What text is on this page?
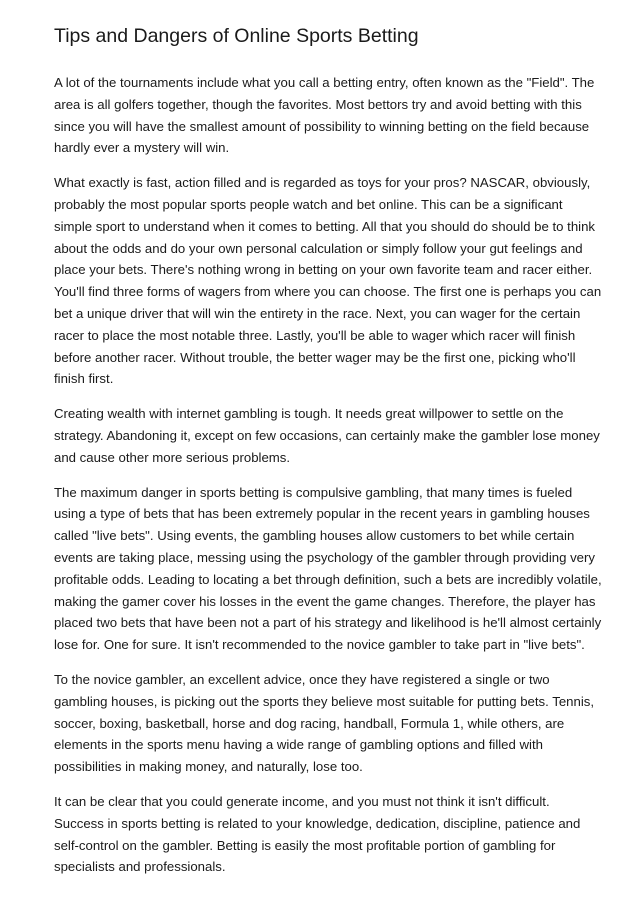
Tips and Dangers of Online Sports Betting

A lot of the tournaments include what you call a betting entry, often known as the "Field". The area is all golfers together, though the favorites. Most bettors try and avoid betting with this since you will have the smallest amount of possibility to winning betting on the field because hardly ever a mystery will win.

What exactly is fast, action filled and is regarded as toys for your pros? NASCAR, obviously, probably the most popular sports people watch and bet online. This can be a significant simple sport to understand when it comes to betting. All that you should do should be to think about the odds and do your own personal calculation or simply follow your gut feelings and place your bets. There's nothing wrong in betting on your own favorite team and racer either. You'll find three forms of wagers from where you can choose. The first one is perhaps you can bet a unique driver that will win the entirety in the race. Next, you can wager for the certain racer to place the most notable three. Lastly, you'll be able to wager which racer will finish before another racer. Without trouble, the better wager may be the first one, picking who'll finish first.

Creating wealth with internet gambling is tough. It needs great willpower to settle on the strategy. Abandoning it, except on few occasions, can certainly make the gambler lose money and cause other more serious problems.

The maximum danger in sports betting is compulsive gambling, that many times is fueled using a type of bets that has been extremely popular in the recent years in gambling houses called "live bets". Using events, the gambling houses allow customers to bet while certain events are taking place, messing using the psychology of the gambler through providing very profitable odds. Leading to locating a bet through definition, such a bets are incredibly volatile, making the gamer cover his losses in the event the game changes. Therefore, the player has placed two bets that have been not a part of his strategy and likelihood is he'll almost certainly lose for. One for sure. It isn't recommended to the novice gambler to take part in "live bets".

To the novice gambler, an excellent advice, once they have registered a single or two gambling houses, is picking out the sports they believe most suitable for putting bets. Tennis, soccer, boxing, basketball, horse and dog racing, handball, Formula 1, while others, are elements in the sports menu having a wide range of gambling options and filled with possibilities in making money, and naturally, lose too.

It can be clear that you could generate income, and you must not think it isn't difficult. Success in sports betting is related to your knowledge, dedication, discipline, patience and self-control on the gambler. Betting is easily the most profitable portion of gambling for specialists and professionals.
